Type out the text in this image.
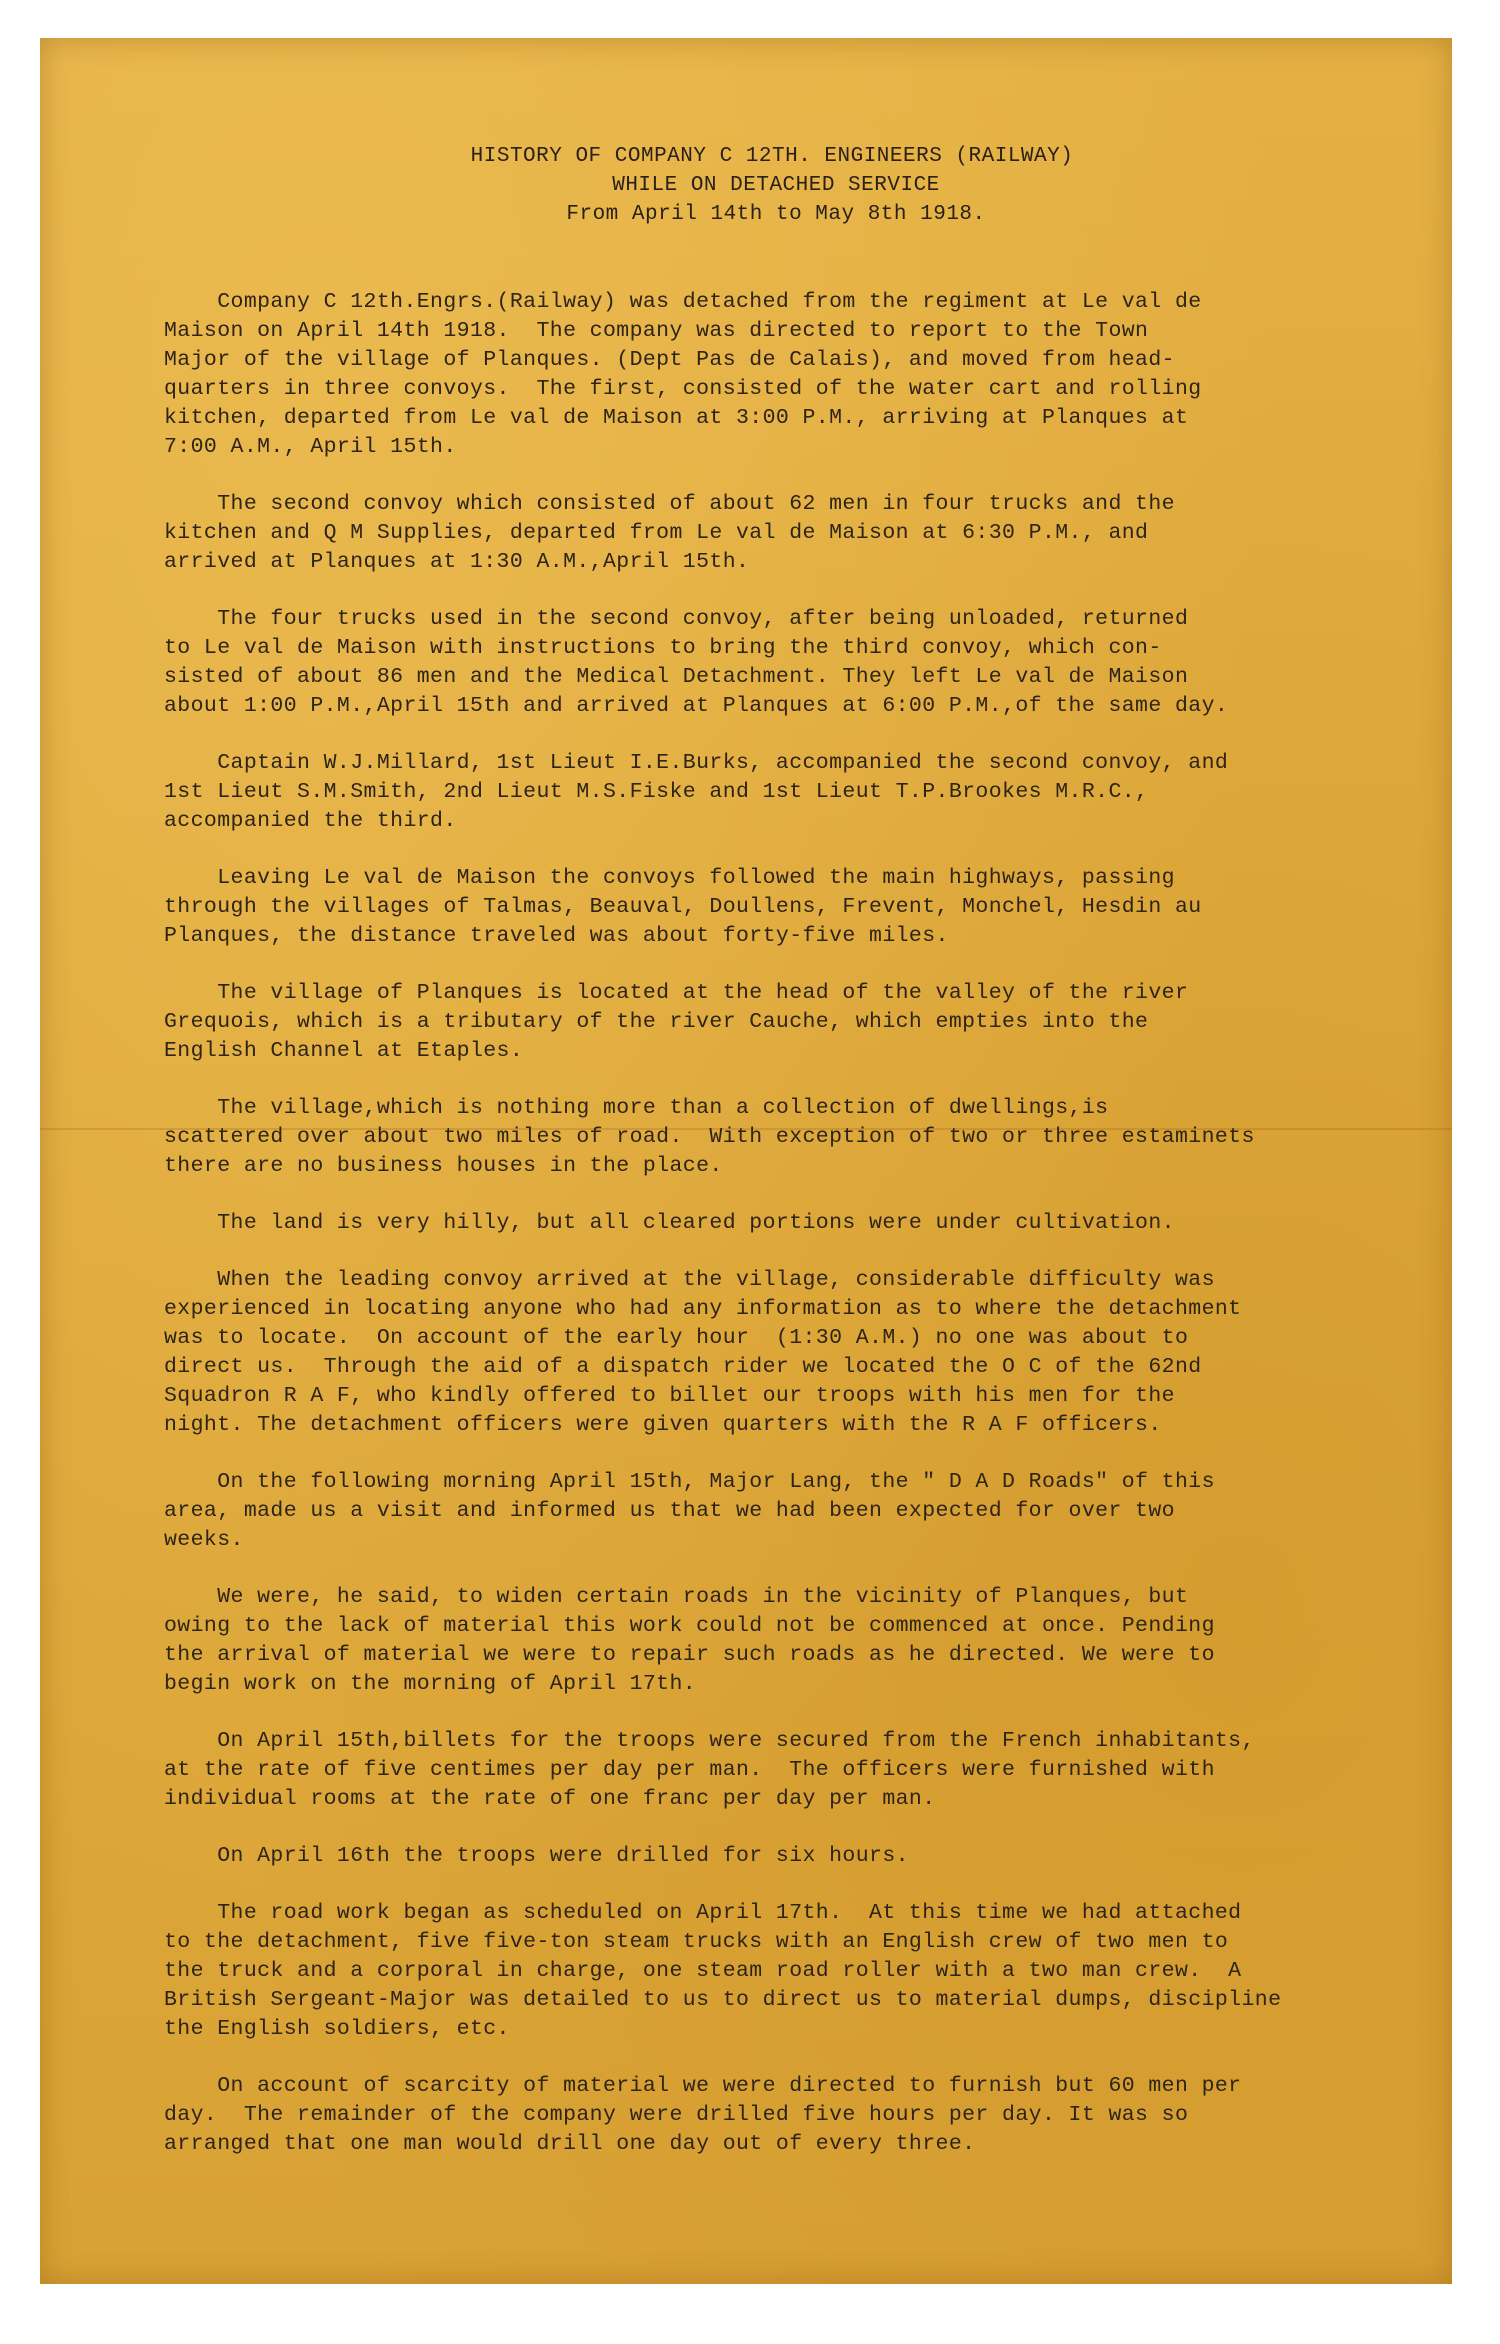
HISTORY OF COMPANY C 12TH. ENGINEERS (RAILWAY)
WHILE ON DETACHED SERVICE
From April 14th to May 8th 1918.
Company C 12th.Engrs.(Railway) was detached from the regiment at Le val de
Maison on April 14th 1918.  The company was directed to report to the Town
Major of the village of Planques. (Dept Pas de Calais), and moved from head-
quarters in three convoys.  The first, consisted of the water cart and rolling
kitchen, departed from Le val de Maison at 3:00 P.M., arriving at Planques at
7:00 A.M., April 15th.
The second convoy which consisted of about 62 men in four trucks and the
kitchen and Q M Supplies, departed from Le val de Maison at 6:30 P.M., and
arrived at Planques at 1:30 A.M.,April 15th.
The four trucks used in the second convoy, after being unloaded, returned
to Le val de Maison with instructions to bring the third convoy, which con-
sisted of about 86 men and the Medical Detachment. They left Le val de Maison
about 1:00 P.M.,April 15th and arrived at Planques at 6:00 P.M.,of the same day.
Captain W.J.Millard, 1st Lieut I.E.Burks, accompanied the second convoy, and
1st Lieut S.M.Smith, 2nd Lieut M.S.Fiske and 1st Lieut T.P.Brookes M.R.C.,
accompanied the third.
Leaving Le val de Maison the convoys followed the main highways, passing
through the villages of Talmas, Beauval, Doullens, Frevent, Monchel, Hesdin au
Planques, the distance traveled was about forty-five miles.
The village of Planques is located at the head of the valley of the river
Grequois, which is a tributary of the river Cauche, which empties into the
English Channel at Etaples.
The village,which is nothing more than a collection of dwellings,is
scattered over about two miles of road.  With exception of two or three estaminets
there are no business houses in the place.
The land is very hilly, but all cleared portions were under cultivation.
When the leading convoy arrived at the village, considerable difficulty was
experienced in locating anyone who had any information as to where the detachment
was to locate.  On account of the early hour  (1:30 A.M.) no one was about to
direct us.  Through the aid of a dispatch rider we located the O C of the 62nd
Squadron R A F, who kindly offered to billet our troops with his men for the
night. The detachment officers were given quarters with the R A F officers.
On the following morning April 15th, Major Lang, the " D A D Roads" of this
area, made us a visit and informed us that we had been expected for over two
weeks.
We were, he said, to widen certain roads in the vicinity of Planques, but
owing to the lack of material this work could not be commenced at once. Pending
the arrival of material we were to repair such roads as he directed. We were to
begin work on the morning of April 17th.
On April 15th,billets for the troops were secured from the French inhabitants,
at the rate of five centimes per day per man.  The officers were furnished with
individual rooms at the rate of one franc per day per man.
On April 16th the troops were drilled for six hours.
The road work began as scheduled on April 17th.  At this time we had attached
to the detachment, five five-ton steam trucks with an English crew of two men to
the truck and a corporal in charge, one steam road roller with a two man crew.  A
British Sergeant-Major was detailed to us to direct us to material dumps, discipline
the English soldiers, etc.
On account of scarcity of material we were directed to furnish but 60 men per
day.  The remainder of the company were drilled five hours per day. It was so
arranged that one man would drill one day out of every three.
